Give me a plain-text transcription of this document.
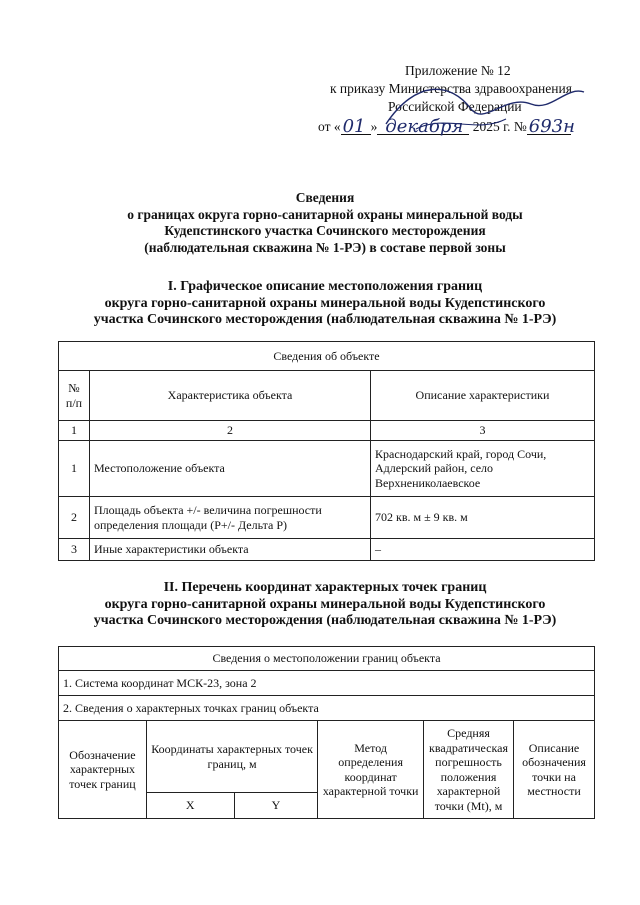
Приложение № 12
к приказу Министерства здравоохранения
Российской Федерации
от « 01 » декабря 2025 г. № 693н
Сведения
о границах округа горно-санитарной охраны минеральной воды
Кудепстинского участка Сочинского месторождения
(наблюдательная скважина № 1-РЭ) в составе первой зоны
I. Графическое описание местоположения границ
округа горно-санитарной охраны минеральной воды Кудепстинского
участка Сочинского месторождения (наблюдательная скважина № 1-РЭ)
Сведения об объекте		
№ п/п	Характеристика объекта	Описание характеристики
1	2	3
1	Местоположение объекта	Краснодарский край, город Сочи, Адлерский район, село Верхнениколаевское
2	Площадь объекта +/- величина погрешности определения площади (P+/- Дельта P)	702 кв. м ± 9 кв. м
3	Иные характеристики объекта	–
II. Перечень координат характерных точек границ
округа горно-санитарной охраны минеральной воды Кудепстинского
участка Сочинского месторождения (наблюдательная скважина № 1-РЭ)
Сведения о местоположении границ объекта					
1. Система координат МСК-23, зона 2					
2. Сведения о характерных точках границ объекта					
Обозначение характерных точек границ	Координаты характерных точек границ, м		Метод определения координат характерной точки	Средняя квадратическая погрешность положения характерной точки (Mt), м	Описание обозначения точки на местности
	X	Y			
